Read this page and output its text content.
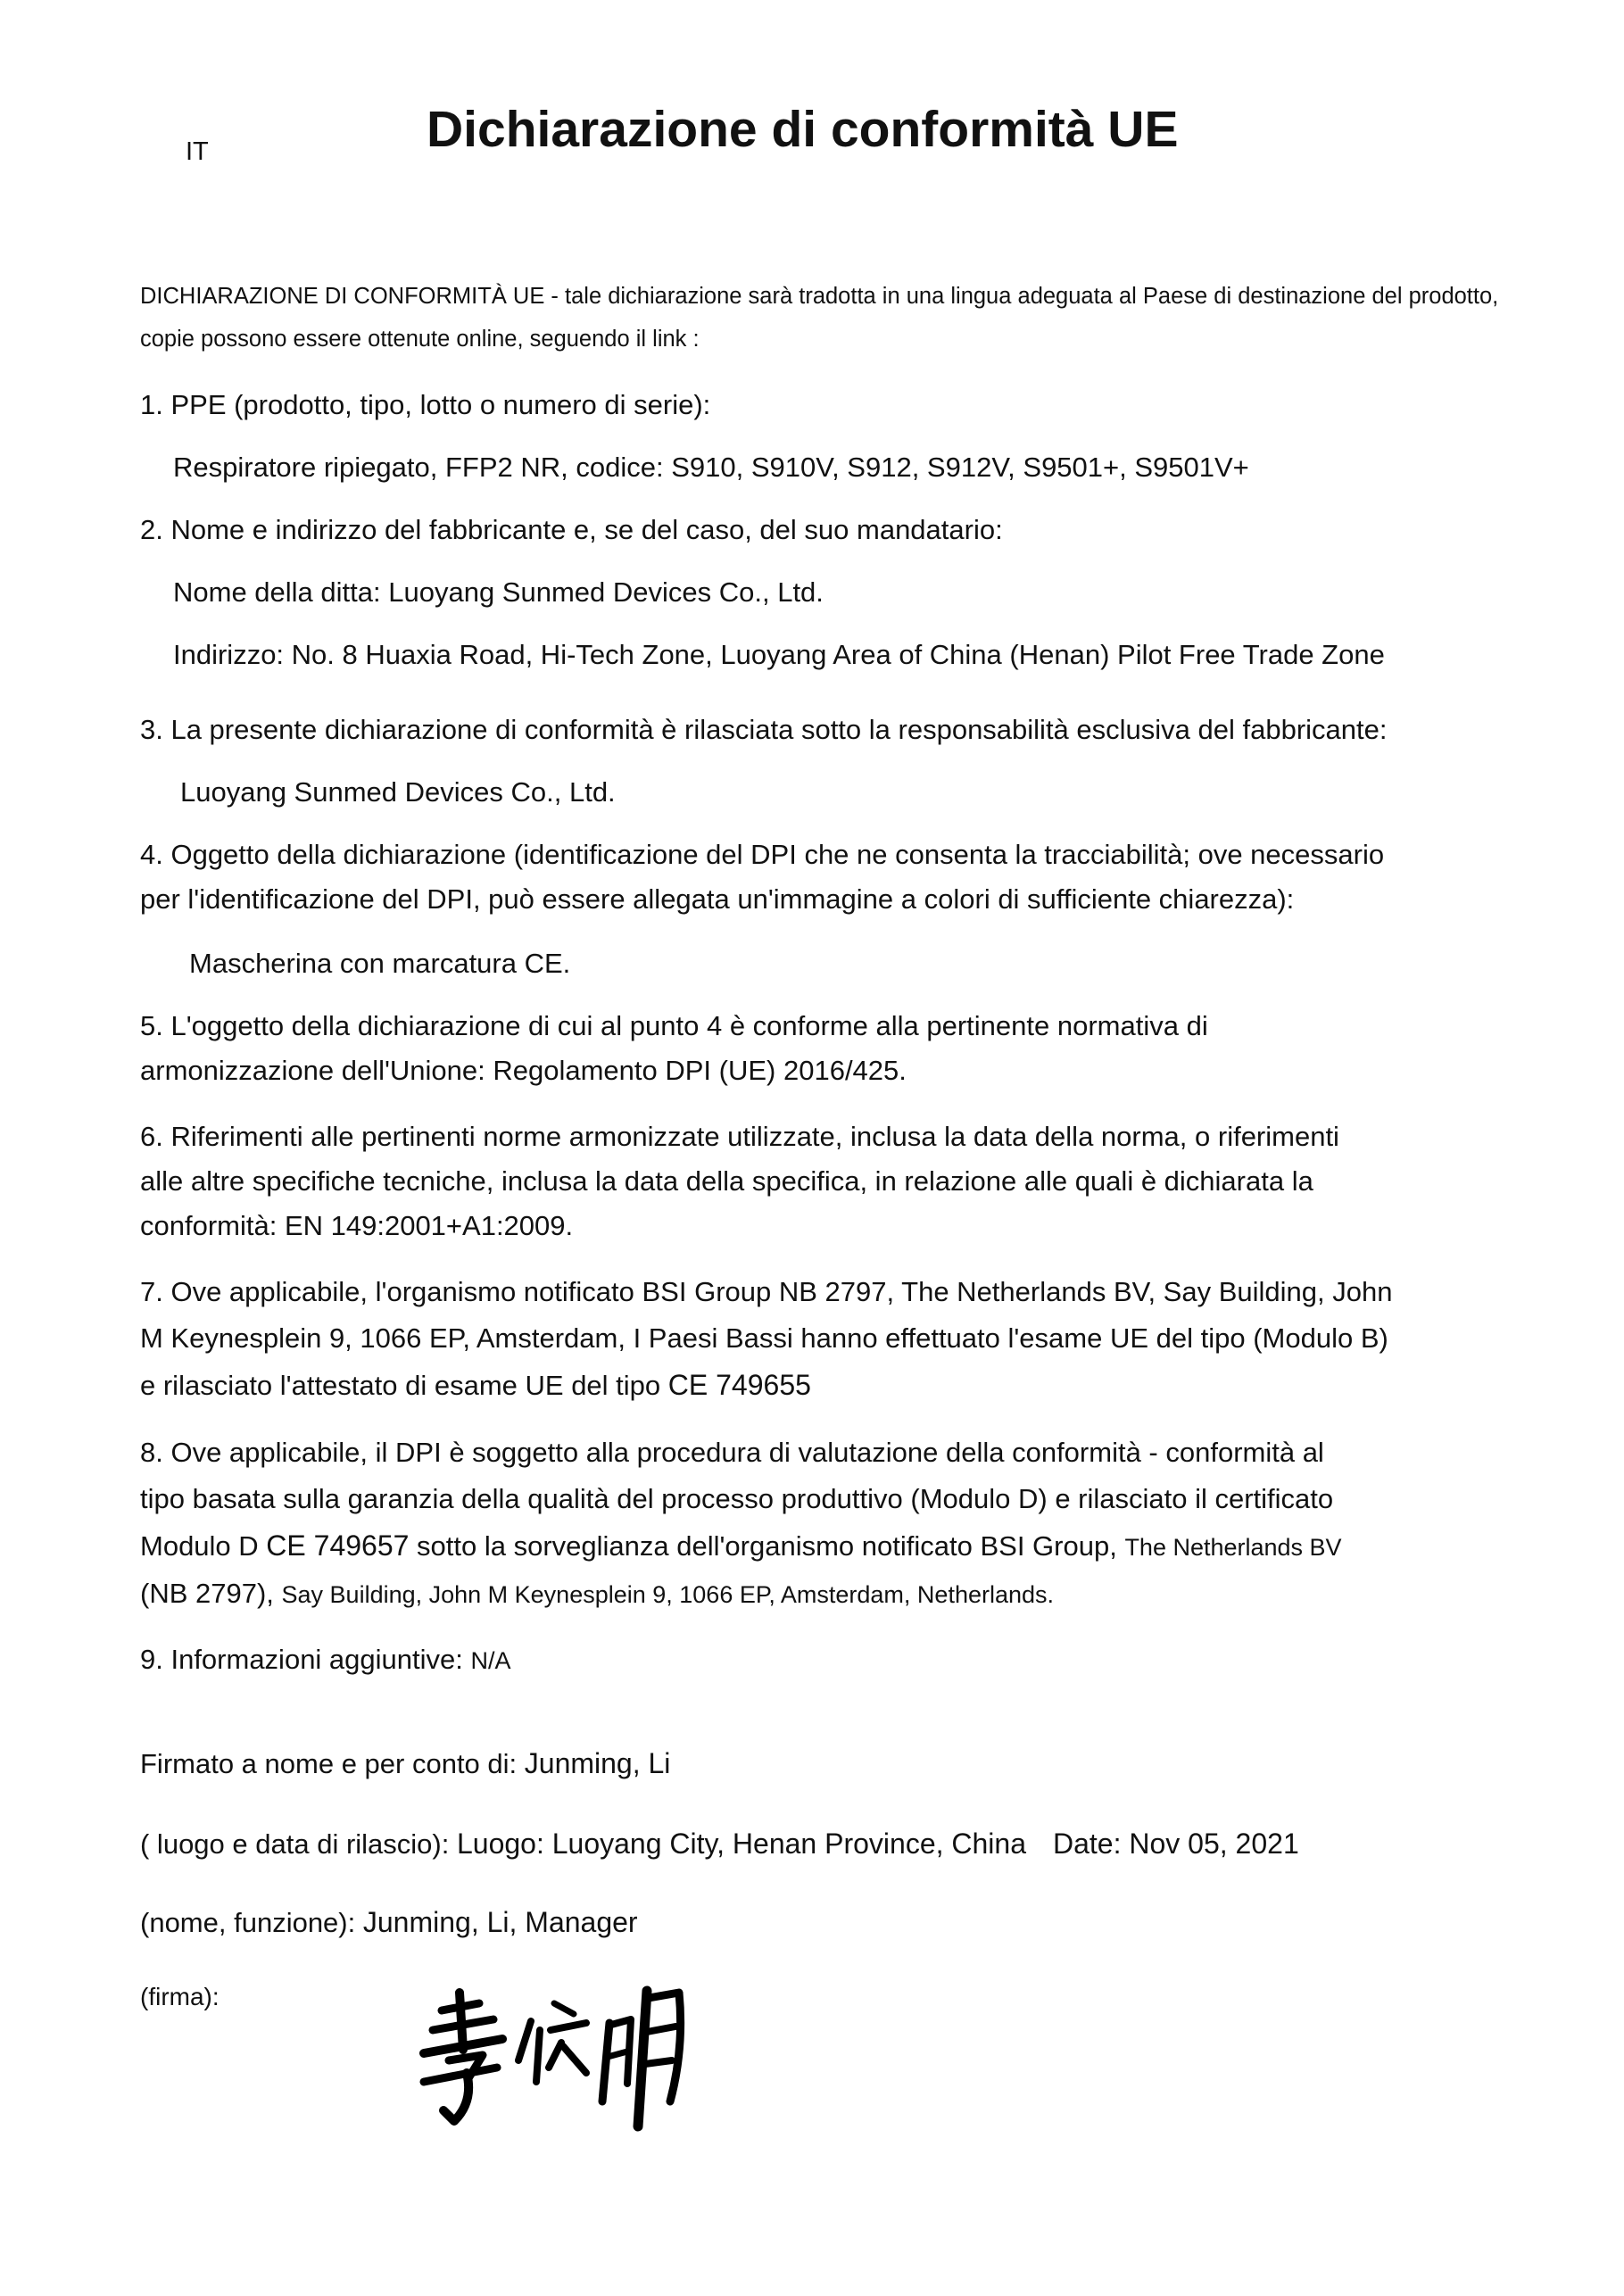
IT	Dichiarazione di conformità UE

DICHIARAZIONE DI CONFORMITÀ UE - tale dichiarazione sarà tradotta in una lingua adeguata al Paese di destinazione del prodotto, copie possono essere ottenute online, seguendo il link :

1. PPE (prodotto, tipo, lotto o numero di serie):
Respiratore ripiegato, FFP2 NR, codice: S910, S910V, S912, S912V, S9501+, S9501V+
2. Nome e indirizzo del fabbricante e, se del caso, del suo mandatario:
Nome della ditta: Luoyang Sunmed Devices Co., Ltd.
Indirizzo: No. 8 Huaxia Road, Hi-Tech Zone, Luoyang Area of China (Henan) Pilot Free Trade Zone
3. La presente dichiarazione di conformità è rilasciata sotto la responsabilità esclusiva del fabbricante:
Luoyang Sunmed Devices Co., Ltd.
4. Oggetto della dichiarazione (identificazione del DPI che ne consenta la tracciabilità; ove necessario
per l'identificazione del DPI, può essere allegata un'immagine a colori di sufficiente chiarezza):
Mascherina con marcatura CE.
5. L'oggetto della dichiarazione di cui al punto 4 è conforme alla pertinente normativa di
armonizzazione dell'Unione: Regolamento DPI (UE) 2016/425.
6. Riferimenti alle pertinenti norme armonizzate utilizzate, inclusa la data della norma, o riferimenti
alle altre specifiche tecniche, inclusa la data della specifica, in relazione alle quali è dichiarata la
conformità: EN 149:2001+A1:2009.
7. Ove applicabile, l'organismo notificato BSI Group NB 2797, The Netherlands BV, Say Building, John
M Keynesplein 9, 1066 EP, Amsterdam, I Paesi Bassi hanno effettuato l'esame UE del tipo (Modulo B)
e rilasciato l'attestato di esame UE del tipo CE 749655
8. Ove applicabile, il DPI è soggetto alla procedura di valutazione della conformità - conformità al
tipo basata sulla garanzia della qualità del processo produttivo (Modulo D) e rilasciato il certificato
Modulo D CE 749657 sotto la sorveglianza dell'organismo notificato BSI Group, The Netherlands BV
(NB 2797), Say Building, John M Keynesplein 9, 1066 EP, Amsterdam, Netherlands.
9. Informazioni aggiuntive: N/A
Firmato a nome e per conto di: Junming, Li
( luogo e data di rilascio): Luogo: Luoyang City, Henan Province, China Date: Nov 05, 2021
(nome, funzione): Junming, Li, Manager
(firma):
